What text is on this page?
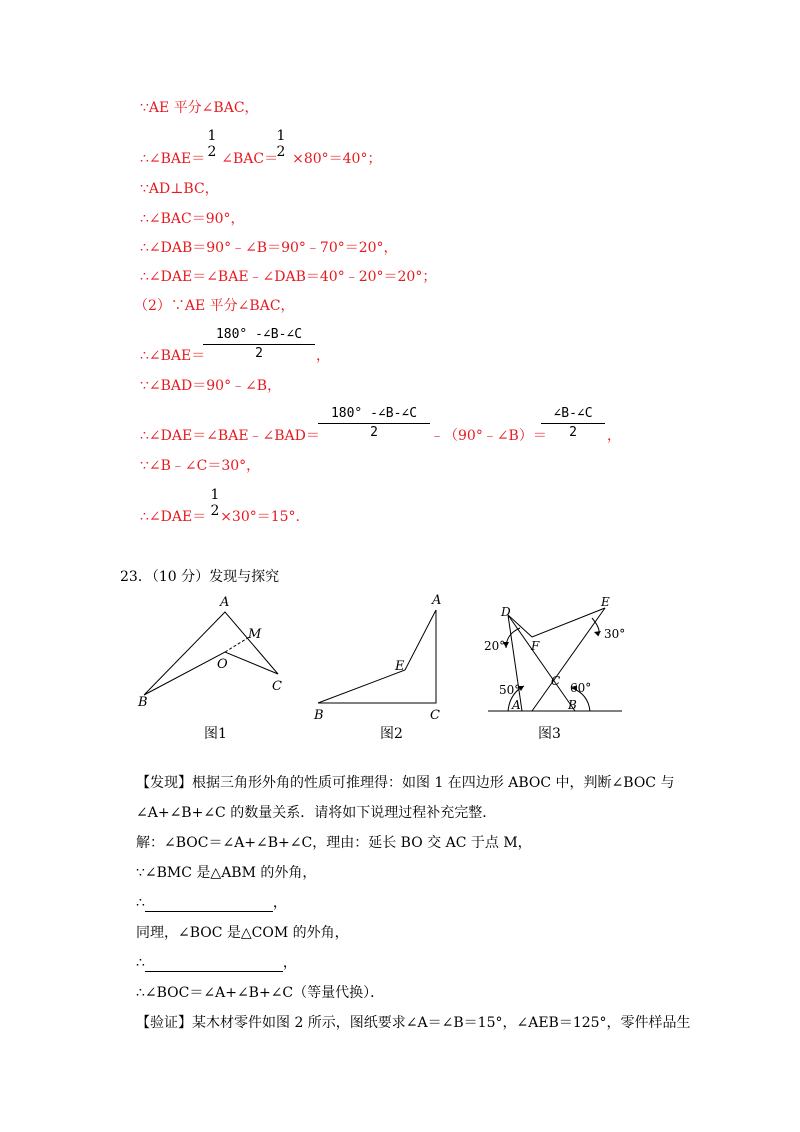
∵AE 平分∠BAC，
∴∠BAE＝ ∠BAC＝ ×80°＝40°；
1
2
1
2
∵AD⊥BC，
∴∠BAC＝90°，
∴∠DAB＝90°﹣∠B＝90°﹣70°＝20°，
∴∠DAE＝∠BAE﹣∠DAB＝40°﹣20°＝20°；
（2）∵AE 平分∠BAC，
∴∠BAE＝
180° -∠B-∠C
2	，
∵∠BAD＝90°﹣∠B，
∴∠DAE＝∠BAE﹣∠BAD＝
180° -∠B-∠C
2	﹣（90°﹣∠B）＝
∠B-∠C
2	，
∵∠B﹣∠C＝30°，
∴∠DAE＝ ×30°＝15°.
1
2
23．（10 分）发现与探究
A
M
O
C
B
图1
A
E
B	C
图2
D
E
F
C
A	B
20°
30°
50°	60°
图3
【发现】根据三角形外角的性质可推理得：如图 1 在四边形 ABOC 中，判断∠BOC 与
∠A+∠B+∠C 的数量关系．请将如下说理过程补充完整．
解：∠BOC＝∠A+∠B+∠C，理由：延长 BO 交 AC 于点 M，
∵∠BMC 是△ABM 的外角，
∴	，
同理，∠BOC 是△COM 的外角，
∴	，
∴∠BOC＝∠A+∠B+∠C（等量代换）．
【验证】某木材零件如图 2 所示，图纸要求∠A＝∠B＝15°，∠AEB＝125°，零件样品生
